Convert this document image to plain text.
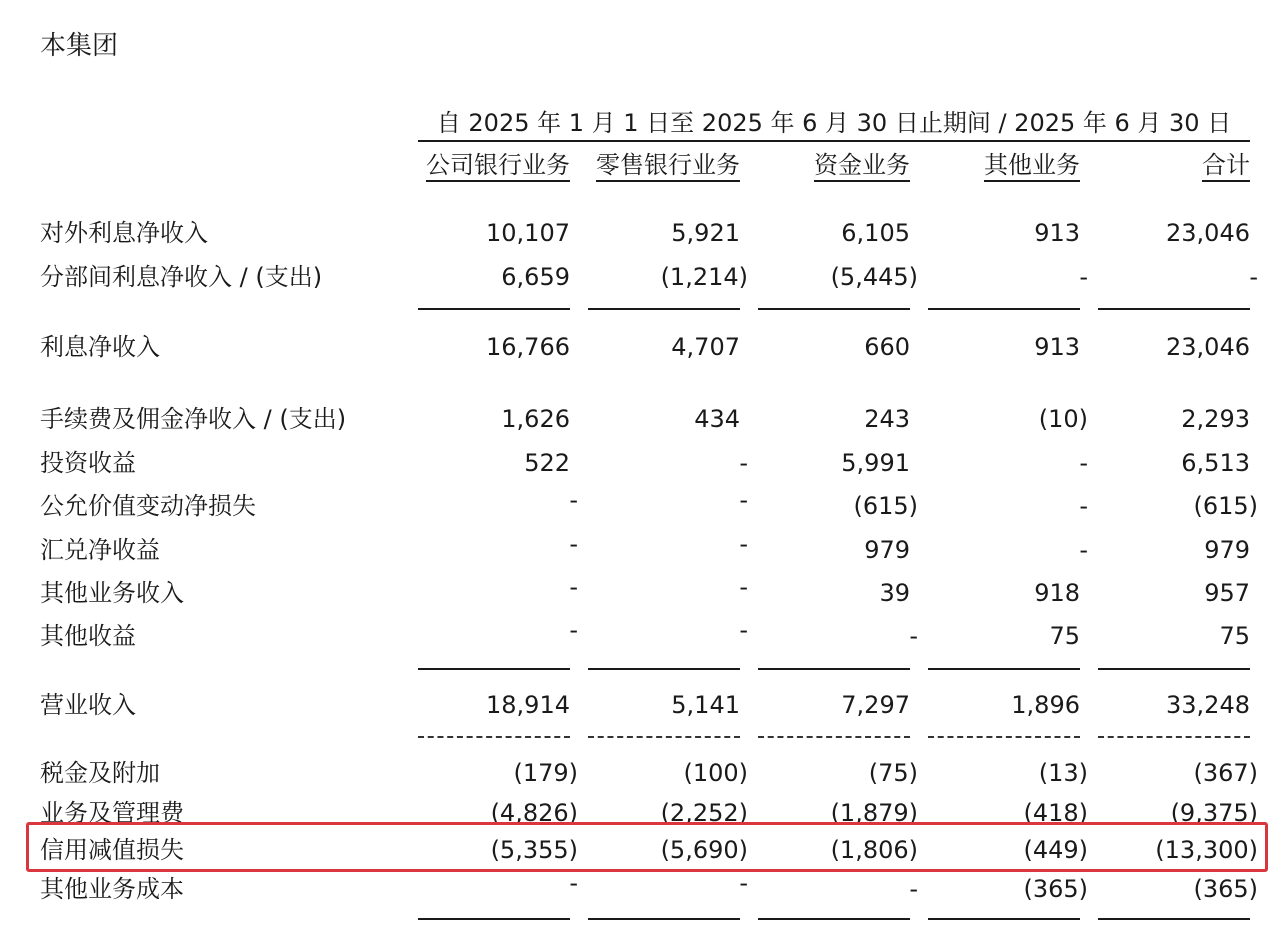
本集团
自 2025 年 1 月 1 日至 2025 年 6 月 30 日止期间 / 2025 年 6 月 30 日
公司银行业务	零售银行业务	资金业务	其他业务	合计
对外利息净收入	10,107	5,921	6,105	913	23,046
分部间利息净收入 / (支出)	6,659	(1,214)	(5,445)	-	-
利息净收入	16,766	4,707	660	913	23,046
手续费及佣金净收入 / (支出)	1,626	434	243	(10)	2,293
投资收益	522	-	5,991	-	6,513
公允价值变动净损失	-	-	(615)	-	(615)
汇兑净收益	-	-	979	-	979
其他业务收入	-	-	39	918	957
其他收益	-	-	-	75	75
营业收入	18,914	5,141	7,297	1,896	33,248
税金及附加	(179)	(100)	(75)	(13)	(367)
业务及管理费	(4,826)	(2,252)	(1,879)	(418)	(9,375)
信用减值损失	(5,355)	(5,690)	(1,806)	(449)	(13,300)
其他业务成本	-	-	-	(365)	(365)
